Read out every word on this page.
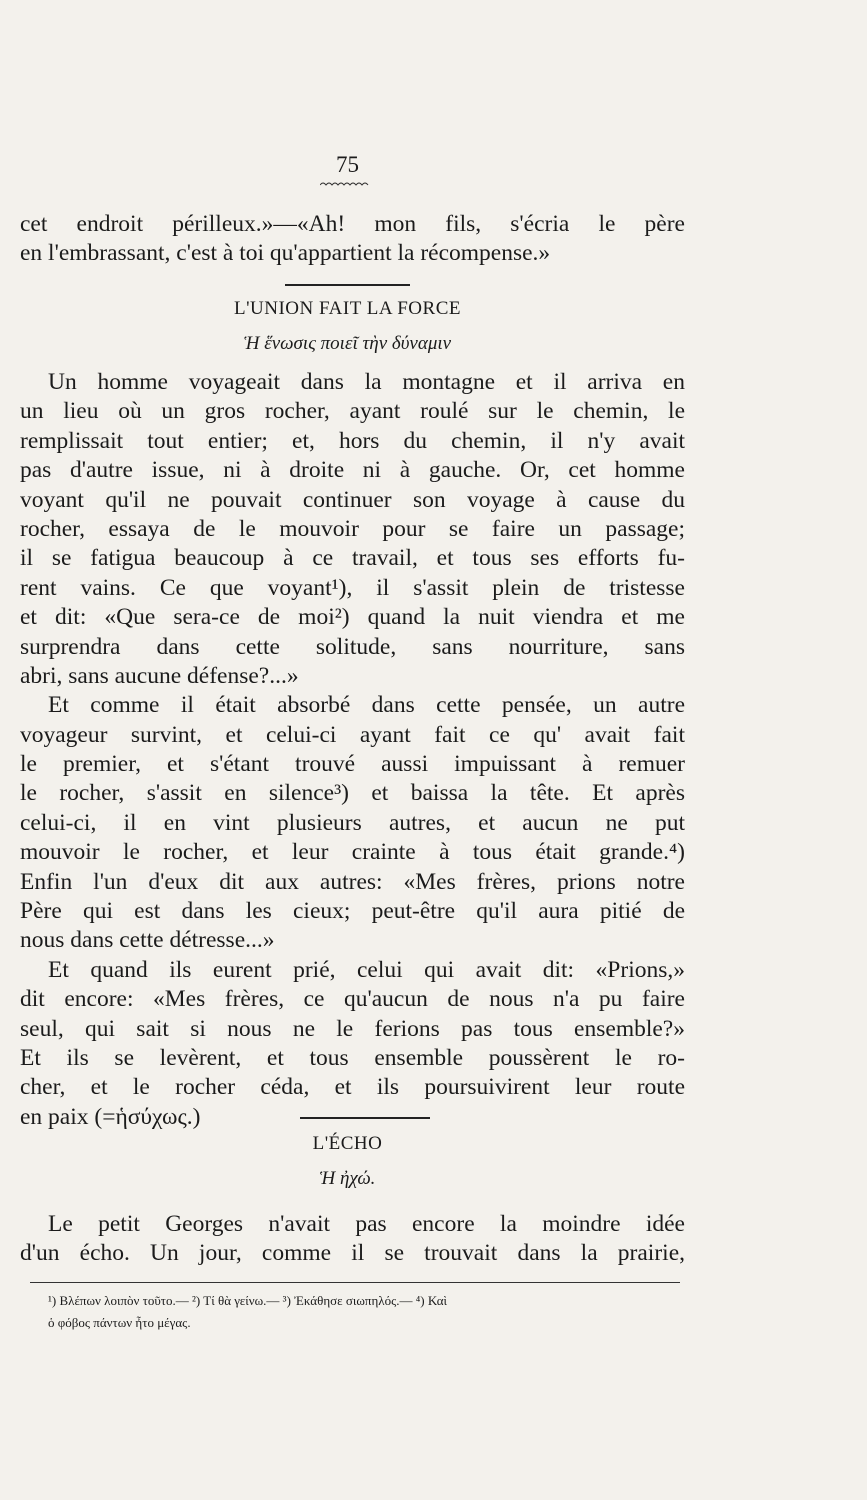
75
cet endroit périlleux.»—«Ah! mon fils, s'écria le père
en l'embrassant, c'est à toi qu'appartient la récompense.»
L'UNION FAIT LA FORCE
Ἡ ἕνωσις ποιεῖ τὴν δύναμιν
Un homme voyageait dans la montagne et il arriva en
un lieu où un gros rocher, ayant roulé sur le chemin, le
remplissait tout entier; et, hors du chemin, il n'y avait
pas d'autre issue, ni à droite ni à gauche. Or, cet homme
voyant qu'il ne pouvait continuer son voyage à cause du
rocher, essaya de le mouvoir pour se faire un passage;
il se fatigua beaucoup à ce travail, et tous ses efforts fu-
rent vains. Ce que voyant¹), il s'assit plein de tristesse
et dit: «Que sera-ce de moi²) quand la nuit viendra et me
surprendra dans cette solitude, sans nourriture, sans
abri, sans aucune défense?...»
Et comme il était absorbé dans cette pensée, un autre
voyageur survint, et celui-ci ayant fait ce qu' avait fait
le premier, et s'étant trouvé aussi impuissant à remuer
le rocher, s'assit en silence³) et baissa la tête. Et après
celui-ci, il en vint plusieurs autres, et aucun ne put
mouvoir le rocher, et leur crainte à tous était grande.⁴)
Enfin l'un d'eux dit aux autres: «Mes frères, prions notre
Père qui est dans les cieux; peut-être qu'il aura pitié de
nous dans cette détresse...»
Et quand ils eurent prié, celui qui avait dit: «Prions,»
dit encore: «Mes frères, ce qu'aucun de nous n'a pu faire
seul, qui sait si nous ne le ferions pas tous ensemble?»
Et ils se levèrent, et tous ensemble poussèrent le ro-
cher, et le rocher céda, et ils poursuivirent leur route
en paix (=ἡσύχως.)
L'ÉCHO
Ἡ ἠχώ.
Le petit Georges n'avait pas encore la moindre idée
d'un écho. Un jour, comme il se trouvait dans la prairie,
¹) Βλέπων λοιπὸν τοῦτο.— ²) Τί θὰ γείνω.— ³) Ἐκάθησε σιωπηλός.— ⁴) Καὶ
ὁ φόβος πάντων ἦτο μέγας.
